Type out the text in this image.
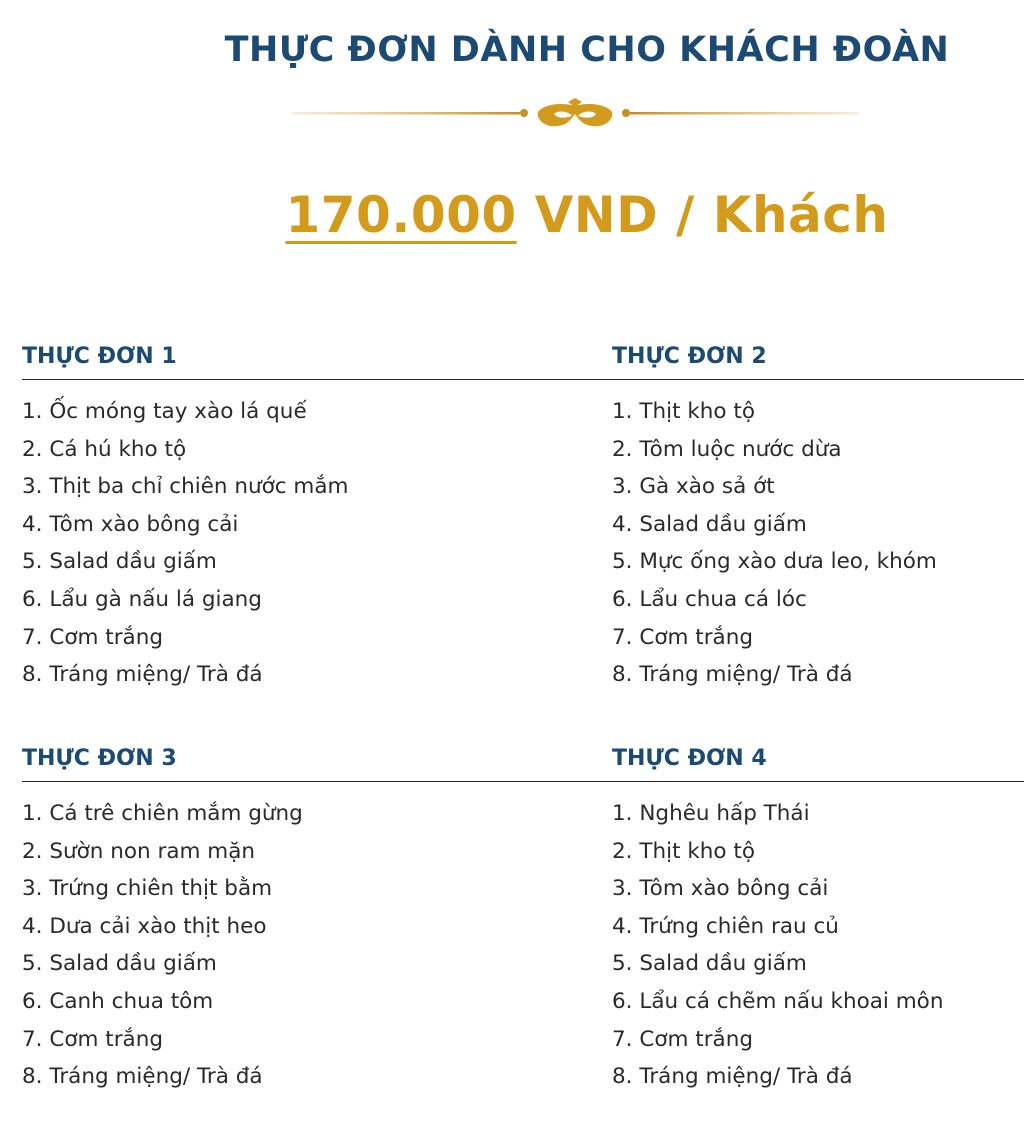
THỰC ĐƠN DÀNH CHO KHÁCH ĐOÀN
170.000 VND / Khách
THỰC ĐƠN 1
1. Ốc móng tay xào lá quế
2. Cá hú kho tộ
3. Thịt ba chỉ chiên nước mắm
4. Tôm xào bông cải
5. Salad dầu giấm
6. Lẩu gà nấu lá giang
7. Cơm trắng
8. Tráng miệng/ Trà đá
THỰC ĐƠN 2
1. Thịt kho tộ
2. Tôm luộc nước dừa
3. Gà xào sả ớt
4. Salad dầu giấm
5. Mực ống xào dưa leo, khóm
6. Lẩu chua cá lóc
7. Cơm trắng
8. Tráng miệng/ Trà đá
THỰC ĐƠN 3
1. Cá trê chiên mắm gừng
2. Sườn non ram mặn
3. Trứng chiên thịt bằm
4. Dưa cải xào thịt heo
5. Salad dầu giấm
6. Canh chua tôm
7. Cơm trắng
8. Tráng miệng/ Trà đá
THỰC ĐƠN 4
1. Nghêu hấp Thái
2. Thịt kho tộ
3. Tôm xào bông cải
4. Trứng chiên rau củ
5. Salad dầu giấm
6. Lẩu cá chẽm nấu khoai môn
7. Cơm trắng
8. Tráng miệng/ Trà đá
